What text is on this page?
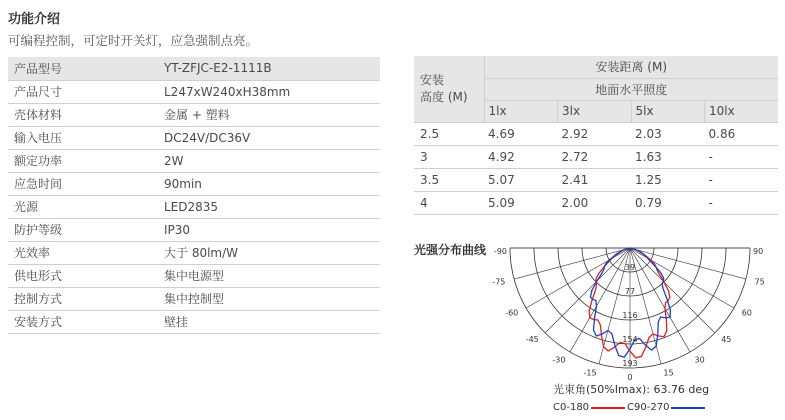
功能介绍
可编程控制，可定时开关灯，应急强制点亮。
产品型号	YT-ZFJC-E2-1111B
产品尺寸	L247xW240xH38mm
壳体材料	金属 + 塑料
输入电压	DC24V/DC36V
额定功率	2W
应急时间	90min
光源	LED2835
防护等级	IP30
光效率	大于 80lm/W
供电形式	集中电源型
控制方式	集中控制型
安装方式	壁挂
安装
高度 (M)	安装距离 (M)			
	地面水平照度			
	1lx	3lx	5lx	10lx
2.5	4.69	2.92	2.03	0.86
3	4.92	2.72	1.63	-
3.5	5.07	2.41	1.25	-
4	5.09	2.00	0.79	-
光强分布曲线 -90
-75
-60
-45
-30
-15	0	15
30
45
60
75
90
39
77
116
154
193
光束角(50%Imax): 63.76 deg
C0-180	C90-270
